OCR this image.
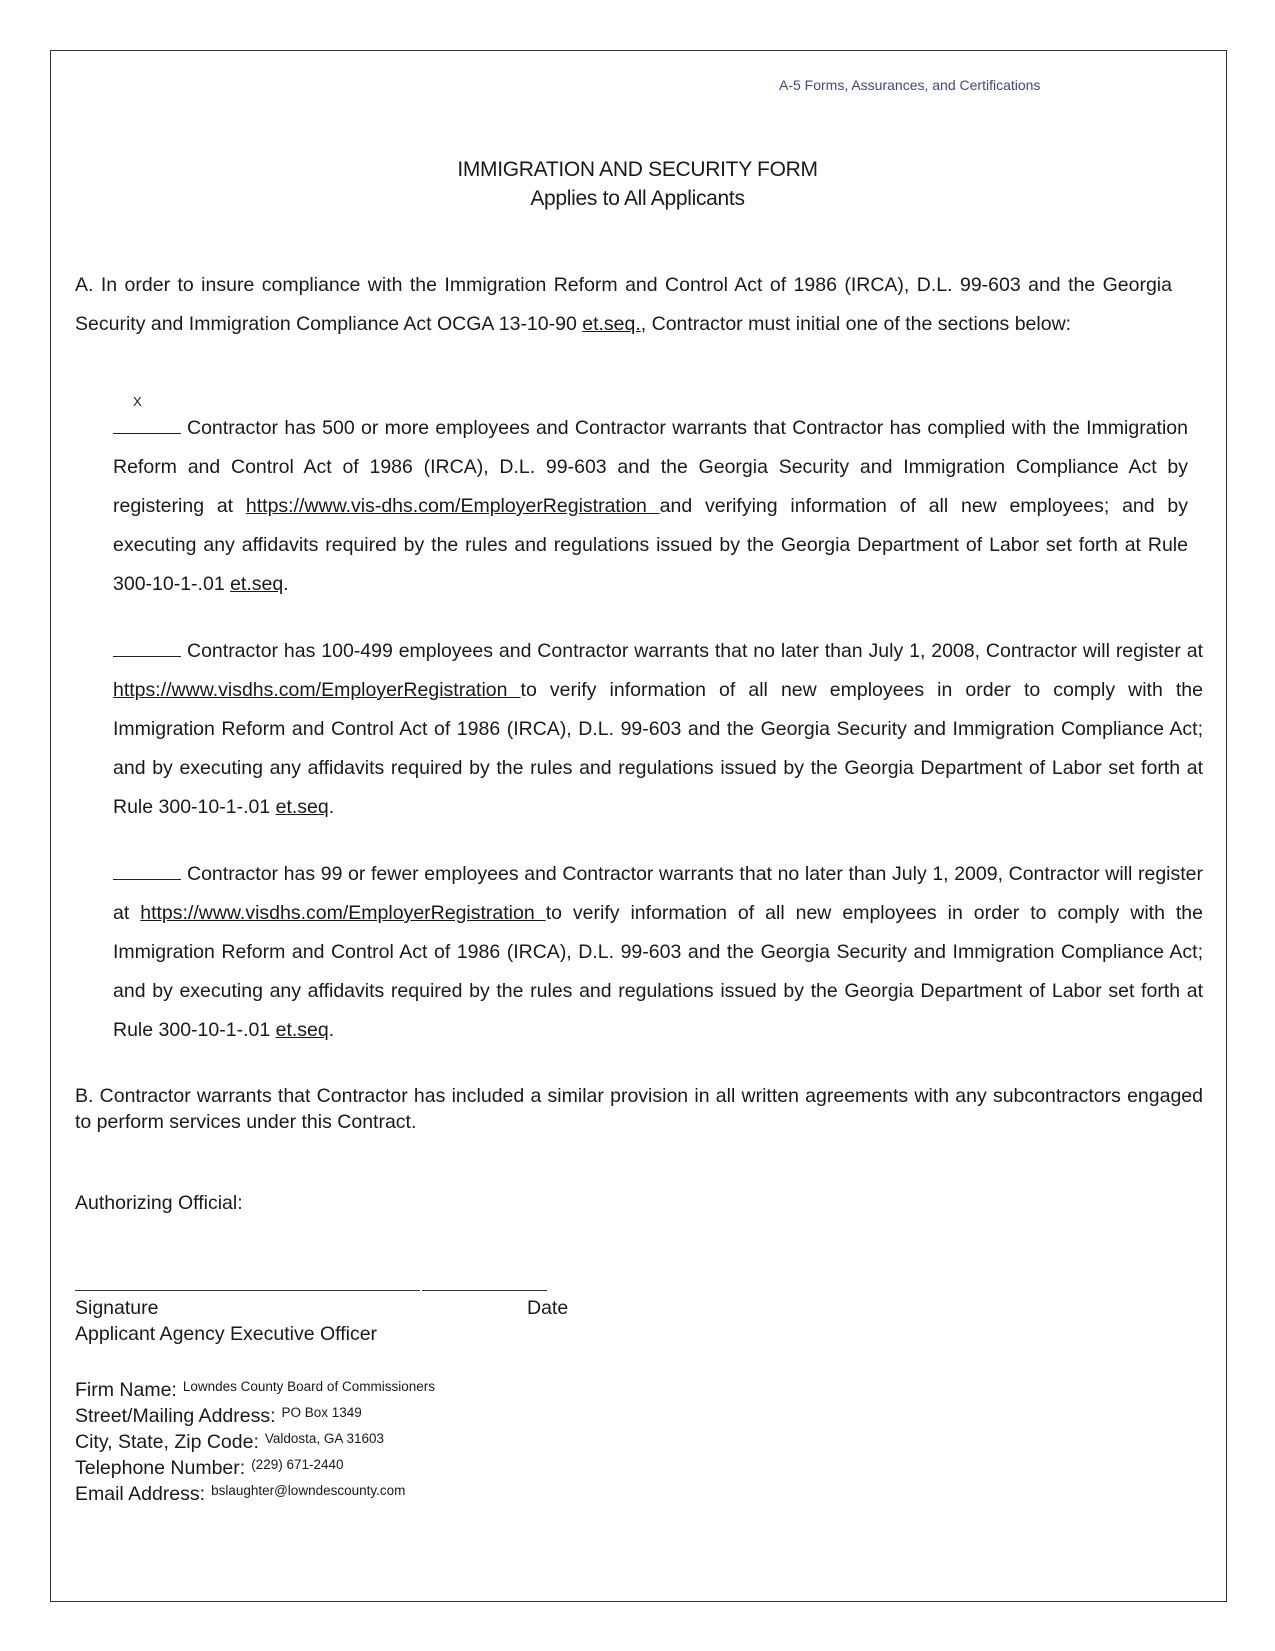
A-5 Forms, Assurances, and Certifications
IMMIGRATION AND SECURITY FORM
Applies to All Applicants
A. In order to insure compliance with the Immigration Reform and Control Act of 1986 (IRCA), D.L. 99-603 and the Georgia Security and Immigration Compliance Act OCGA 13-10-90 et.seq., Contractor must initial one of the sections below:
X
Contractor has 500 or more employees and Contractor warrants that Contractor has complied with the Immigration Reform and Control Act of 1986 (IRCA), D.L. 99-603 and the Georgia Security and Immigration Compliance Act by registering at https://www.vis-dhs.com/EmployerRegistration and verifying information of all new employees; and by executing any affidavits required by the rules and regulations issued by the Georgia Department of Labor set forth at Rule 300-10-1-.01 et.seq.
Contractor has 100-499 employees and Contractor warrants that no later than July 1, 2008, Contractor will register at https://www.visdhs.com/EmployerRegistration to verify information of all new employees in order to comply with the Immigration Reform and Control Act of 1986 (IRCA), D.L. 99-603 and the Georgia Security and Immigration Compliance Act; and by executing any affidavits required by the rules and regulations issued by the Georgia Department of Labor set forth at Rule 300-10-1-.01 et.seq.
Contractor has 99 or fewer employees and Contractor warrants that no later than July 1, 2009, Contractor will register at https://www.visdhs.com/EmployerRegistration to verify information of all new employees in order to comply with the Immigration Reform and Control Act of 1986 (IRCA), D.L. 99-603 and the Georgia Security and Immigration Compliance Act; and by executing any affidavits required by the rules and regulations issued by the Georgia Department of Labor set forth at Rule 300-10-1-.01 et.seq.
B. Contractor warrants that Contractor has included a similar provision in all written agreements with any subcontractors engaged to perform services under this Contract.
Authorizing Official:
Signature	Date
Applicant Agency Executive Officer
Firm Name: $^{Lowndes County Board of Commissioners}$
Street/Mailing Address: $^{PO Box 1349}$
City, State, Zip Code: $^{Valdosta, GA 31603}$
Telephone Number: $^{(229) 671-2440}$
Email Address: $^{bslaughter@lowndescounty.com}$
